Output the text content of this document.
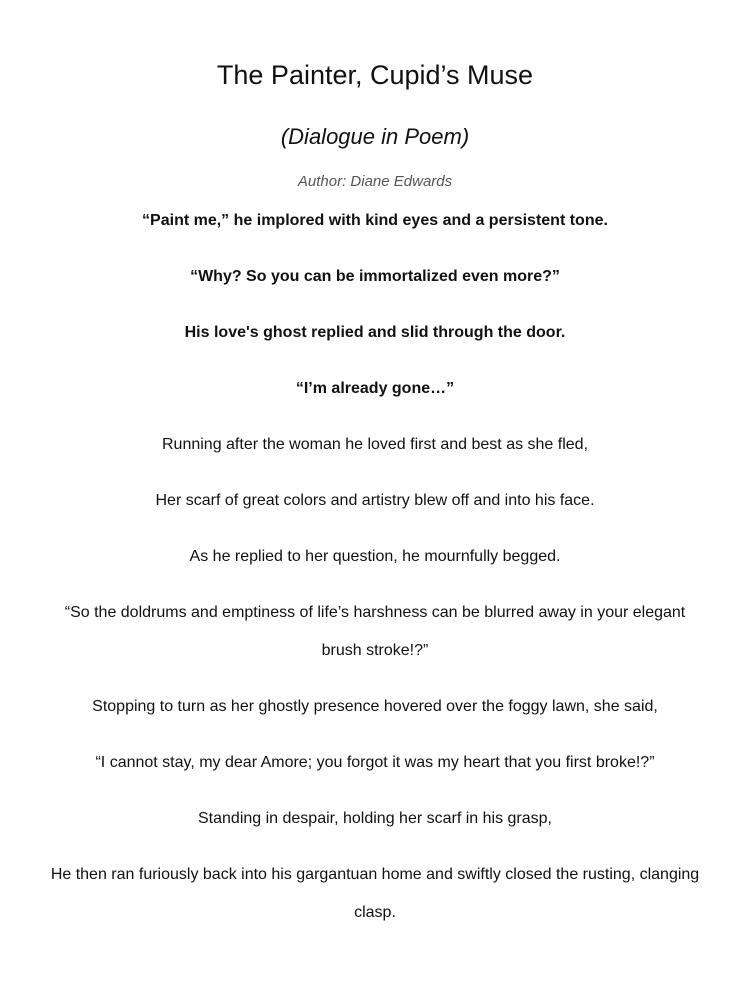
The Painter, Cupid’s Muse
(Dialogue in Poem)
Author: Diane Edwards

“Paint me,” he implored with kind eyes and a persistent tone.

“Why? So you can be immortalized even more?”

His love's ghost replied and slid through the door.

“I’m already gone…”

Running after the woman he loved first and best as she fled,

Her scarf of great colors and artistry blew off and into his face.

As he replied to her question, he mournfully begged.

“So the doldrums and emptiness of life’s harshness can be blurred away in your elegant

brush stroke!?”

Stopping to turn as her ghostly presence hovered over the foggy lawn, she said,

“I cannot stay, my dear Amore; you forgot it was my heart that you first broke!?”

Standing in despair, holding her scarf in his grasp,

He then ran furiously back into his gargantuan home and swiftly closed the rusting, clanging

clasp.
